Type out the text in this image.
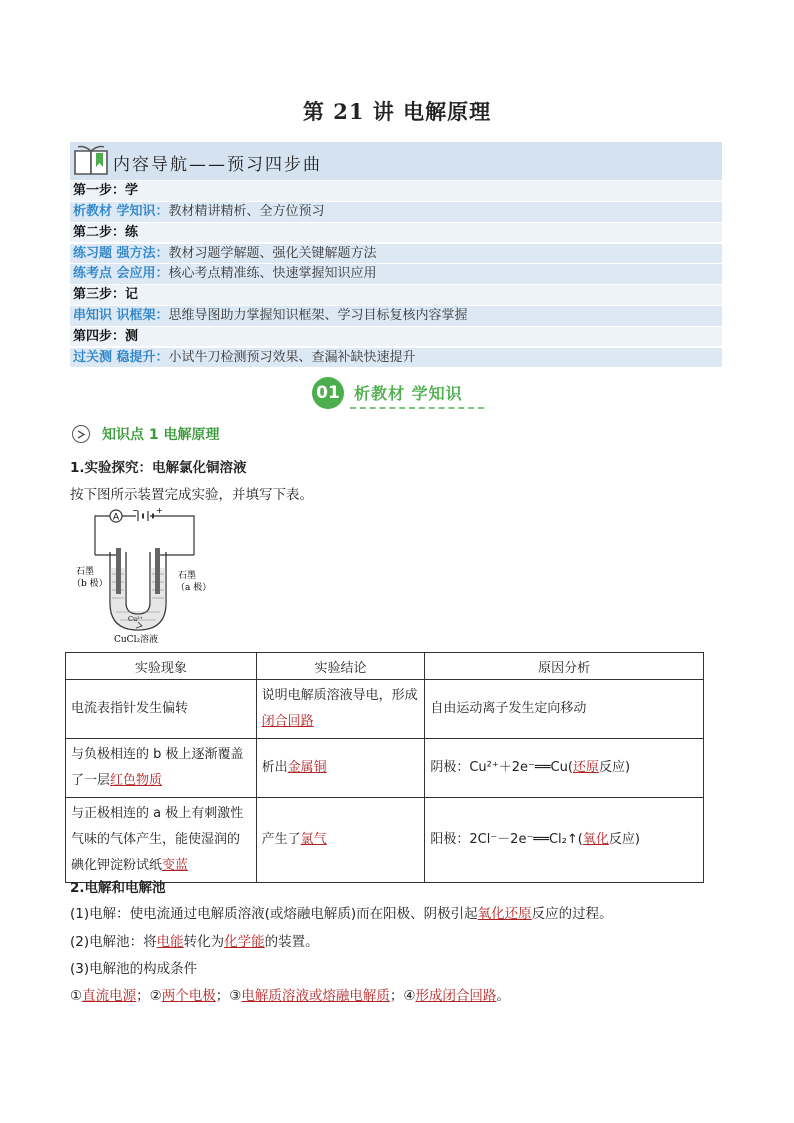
第 21 讲 电解原理
内容导航——预习四步曲
第一步：学
析教材 学知识：教材精讲精析、全方位预习
第二步：练
练习题 强方法：教材习题学解题、强化关键解题方法
练考点 会应用：核心考点精准练、快速掌握知识应用
第三步：记
串知识 识框架：思维导图助力掌握知识框架、学习目标复核内容掌握
第四步：测
过关测 稳提升：小试牛刀检测预习效果、查漏补缺快速提升
01 析教材 学知识
知识点 1 电解原理
1.实验探究：电解氯化铜溶液
按下图所示装置完成实验，并填写下表。
A
− +
Cu²⁺
石墨
（b 极）
石墨
（a 极）
CuCl₂溶液
实验现象	实验结论	原因分析
电流表指针发生偏转	说明电解质溶液导电，形成闭合回路	自由运动离子发生定向移动
与负极相连的 b 极上逐渐覆盖了一层红色物质	析出金属铜	阴极：Cu²⁺＋2e⁻══Cu(还原反应)
与正极相连的 a 极上有刺激性气味的气体产生，能使湿润的碘化钾淀粉试纸变蓝	产生了氯气	阳极：2Cl⁻－2e⁻══Cl₂↑(氧化反应)
2.电解和电解池
(1)电解：使电流通过电解质溶液(或熔融电解质)而在阳极、阴极引起氧化还原反应的过程。
(2)电解池：将电能转化为化学能的装置。
(3)电解池的构成条件
①直流电源；②两个电极；③电解质溶液或熔融电解质；④形成闭合回路。
